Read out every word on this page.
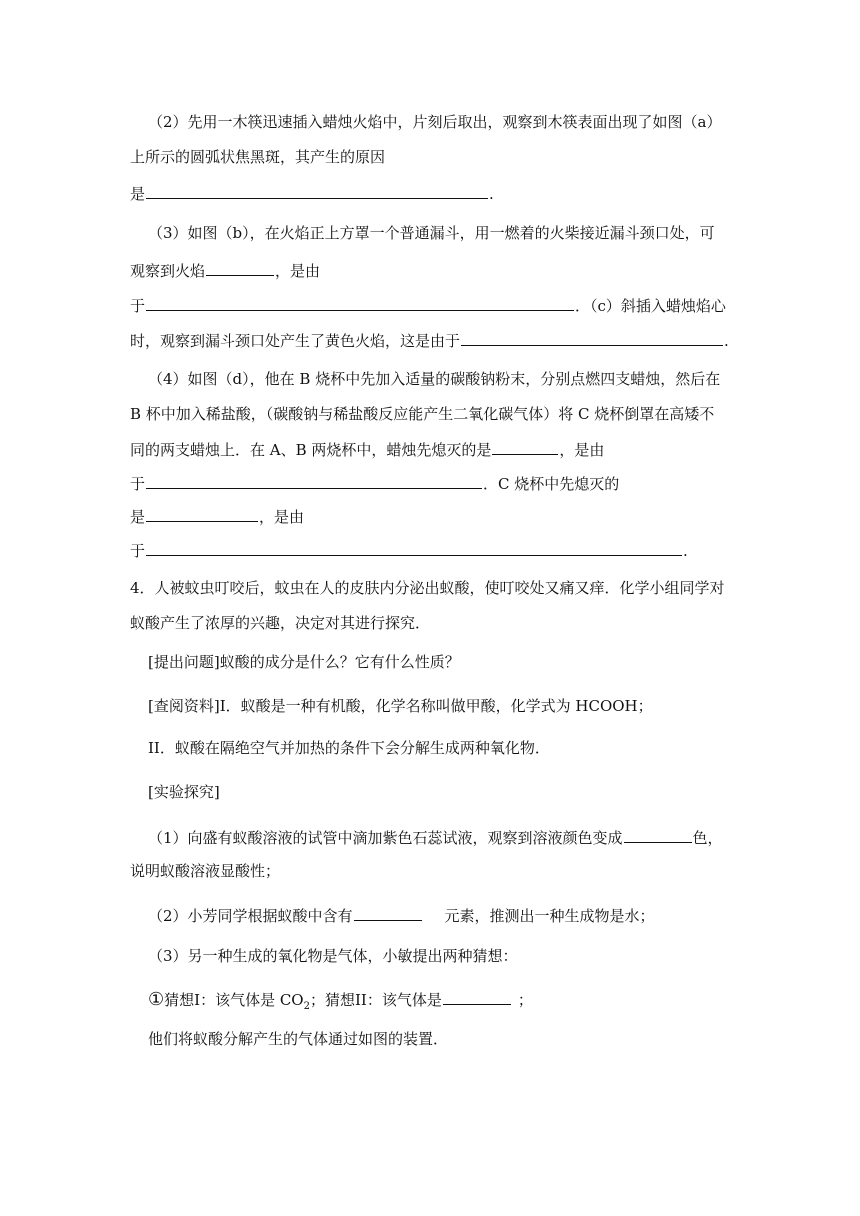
（2）先用一木筷迅速插入蜡烛火焰中，片刻后取出，观察到木筷表面出现了如图（a）
上所示的圆弧状焦黑斑，其产生的原因
是	.
（3）如图（b），在火焰正上方罩一个普通漏斗，用一燃着的火柴接近漏斗颈口处，可
观察到火焰	，是由
于	．（c）斜插入蜡烛焰心
时，观察到漏斗颈口处产生了黄色火焰，这是由于	.
（4）如图（d），他在 B 烧杯中先加入适量的碳酸钠粉末，分别点燃四支蜡烛，然后在
B 杯中加入稀盐酸，（碳酸钠与稀盐酸反应能产生二氧化碳气体）将 C 烧杯倒罩在高矮不
同的两支蜡烛上．在 A、B 两烧杯中，蜡烛先熄灭的是	，是由
于	．C 烧杯中先熄灭的
是	，是由
于	.
4．人被蚊虫叮咬后，蚊虫在人的皮肤内分泌出蚁酸，使叮咬处又痛又痒．化学小组同学对
蚁酸产生了浓厚的兴趣，决定对其进行探究．
[提出问题]蚁酸的成分是什么？它有什么性质？
[查阅资料]I．蚁酸是一种有机酸，化学名称叫做甲酸，化学式为 HCOOH；
II．蚁酸在隔绝空气并加热的条件下会分解生成两种氧化物．
[实验探究]
（1）向盛有蚁酸溶液的试管中滴加紫色石蕊试液，观察到溶液颜色变成	色，
说明蚁酸溶液显酸性；
（2）小芳同学根据蚁酸中含有	元素，推测出一种生成物是水；
（3）另一种生成的氧化物是气体，小敏提出两种猜想：
①猜想I：该气体是 $CO_2$；猜想II：该气体是	；
他们将蚁酸分解产生的气体通过如图的装置．
